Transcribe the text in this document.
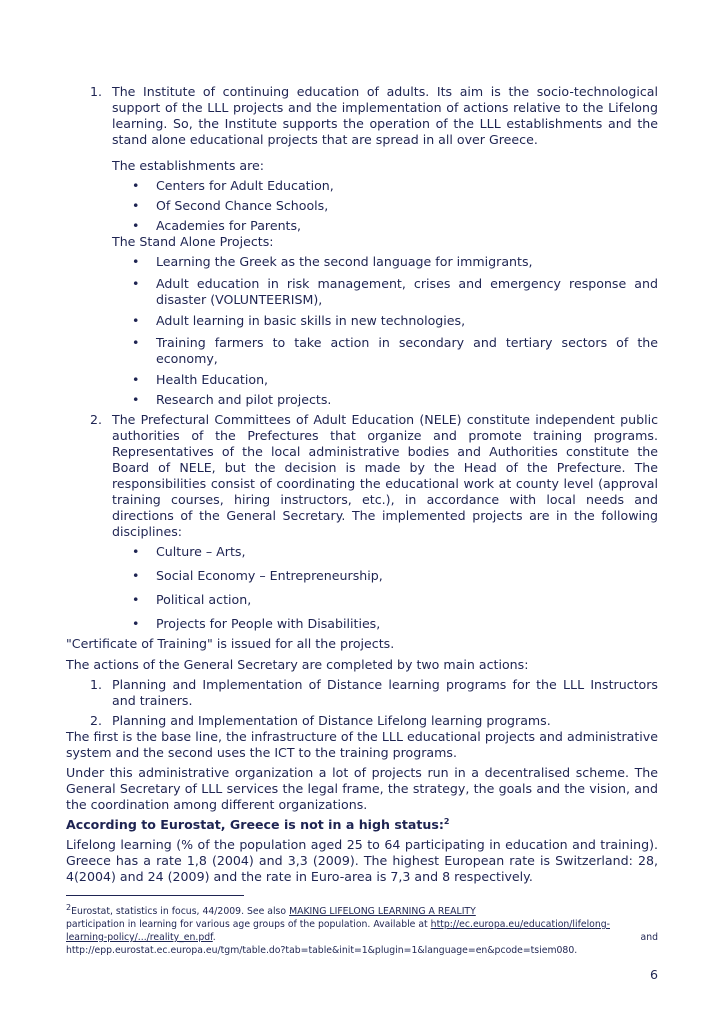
1. The Institute of continuing education of adults. Its aim is the socio-technological support of the LLL projects and the implementation of actions relative to the Lifelong learning. So, the Institute supports the operation of the LLL establishments and the stand alone educational projects that are spread in all over Greece.

The establishments are:

• Centers for Adult Education,
• Of Second Chance Schools,
• Academies for Parents,

The Stand Alone Projects:

• Learning the Greek as the second language for immigrants,
• Adult education in risk management, crises and emergency response and disaster (VOLUNTEERISM),
• Adult learning in basic skills in new technologies,
• Training farmers to take action in secondary and tertiary sectors of the economy,
• Health Education,
• Research and pilot projects.
2. The Prefectural Committees of Adult Education (NELE) constitute independent public authorities of the Prefectures that organize and promote training programs. Representatives of the local administrative bodies and Authorities constitute the Board of NELE, but the decision is made by the Head of the Prefecture. The responsibilities consist of coordinating the educational work at county level (approval training courses, hiring instructors, etc.), in accordance with local needs and directions of the General Secretary. The implemented projects are in the following disciplines:

• Culture – Arts,
• Social Economy – Entrepreneurship,
• Political action,
• Projects for People with Disabilities,

"Certificate of Training" is issued for all the projects.

The actions of the General Secretary are completed by two main actions:

1. Planning and Implementation of Distance learning programs for the LLL Instructors and trainers.

2. Planning and Implementation of Distance Lifelong learning programs.

The first is the base line, the infrastructure of the LLL educational projects and administrative system and the second uses the ICT to the training programs.

Under this administrative organization a lot of projects run in a decentralised scheme. The General Secretary of LLL services the legal frame, the strategy, the goals and the vision, and the coordination among different organizations.

According to Eurostat, Greece is not in a high status:$^2$

Lifelong learning (% of the population aged 25 to 64 participating in education and training). Greece has a rate 1,8 (2004) and 3,3 (2009). The highest European rate is Switzerland: 28, 4(2004) and 24 (2009) and the rate in Euro-area is 7,3 and 8 respectively.

$^2$Eurostat, statistics in focus, 44/2009. See also MAKING LIFELONG LEARNING A REALITY
participation in learning for various age groups of the population. Available at http://ec.europa.eu/education/lifelong-
learning-policy/.../reality_en.pdf.	and
http://epp.eurostat.ec.europa.eu/tgm/table.do?tab=table&init=1&plugin=1&language=en&pcode=tsiem080.
6
